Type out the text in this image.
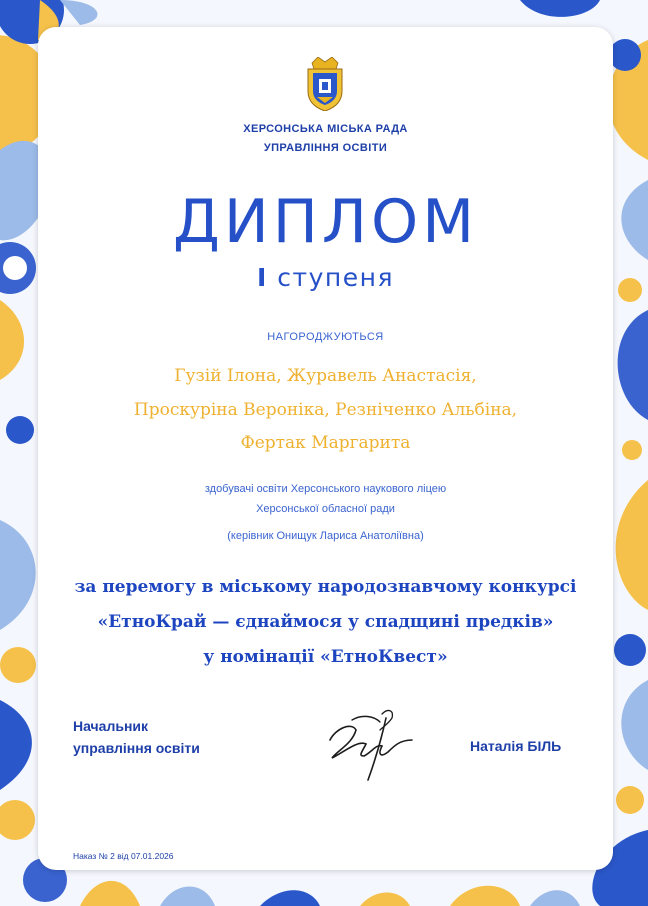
ХЕРСОНСЬКА МІСЬКА РАДА
УПРАВЛІННЯ ОСВІТИ

ДИПЛОМ

І ступеня

НАГОРОДЖУЮТЬСЯ

Гузій Ілона, Журавель Анастасія,
Проскуріна Вероніка, Резніченко Альбіна,
Фертак Маргарита

здобувачі освіти Херсонського наукового ліцею
Херсонської обласної ради

(керівник Онищук Лариса Анатоліївна)

за перемогу в міському народознавчому конкурсі
«ЕтноКрай — єднаймося у спадщині предків»
у номінації «ЕтноКвест»

Начальник
управління освіти	Наталія БІЛЬ

Наказ № 2 від 07.01.2026
